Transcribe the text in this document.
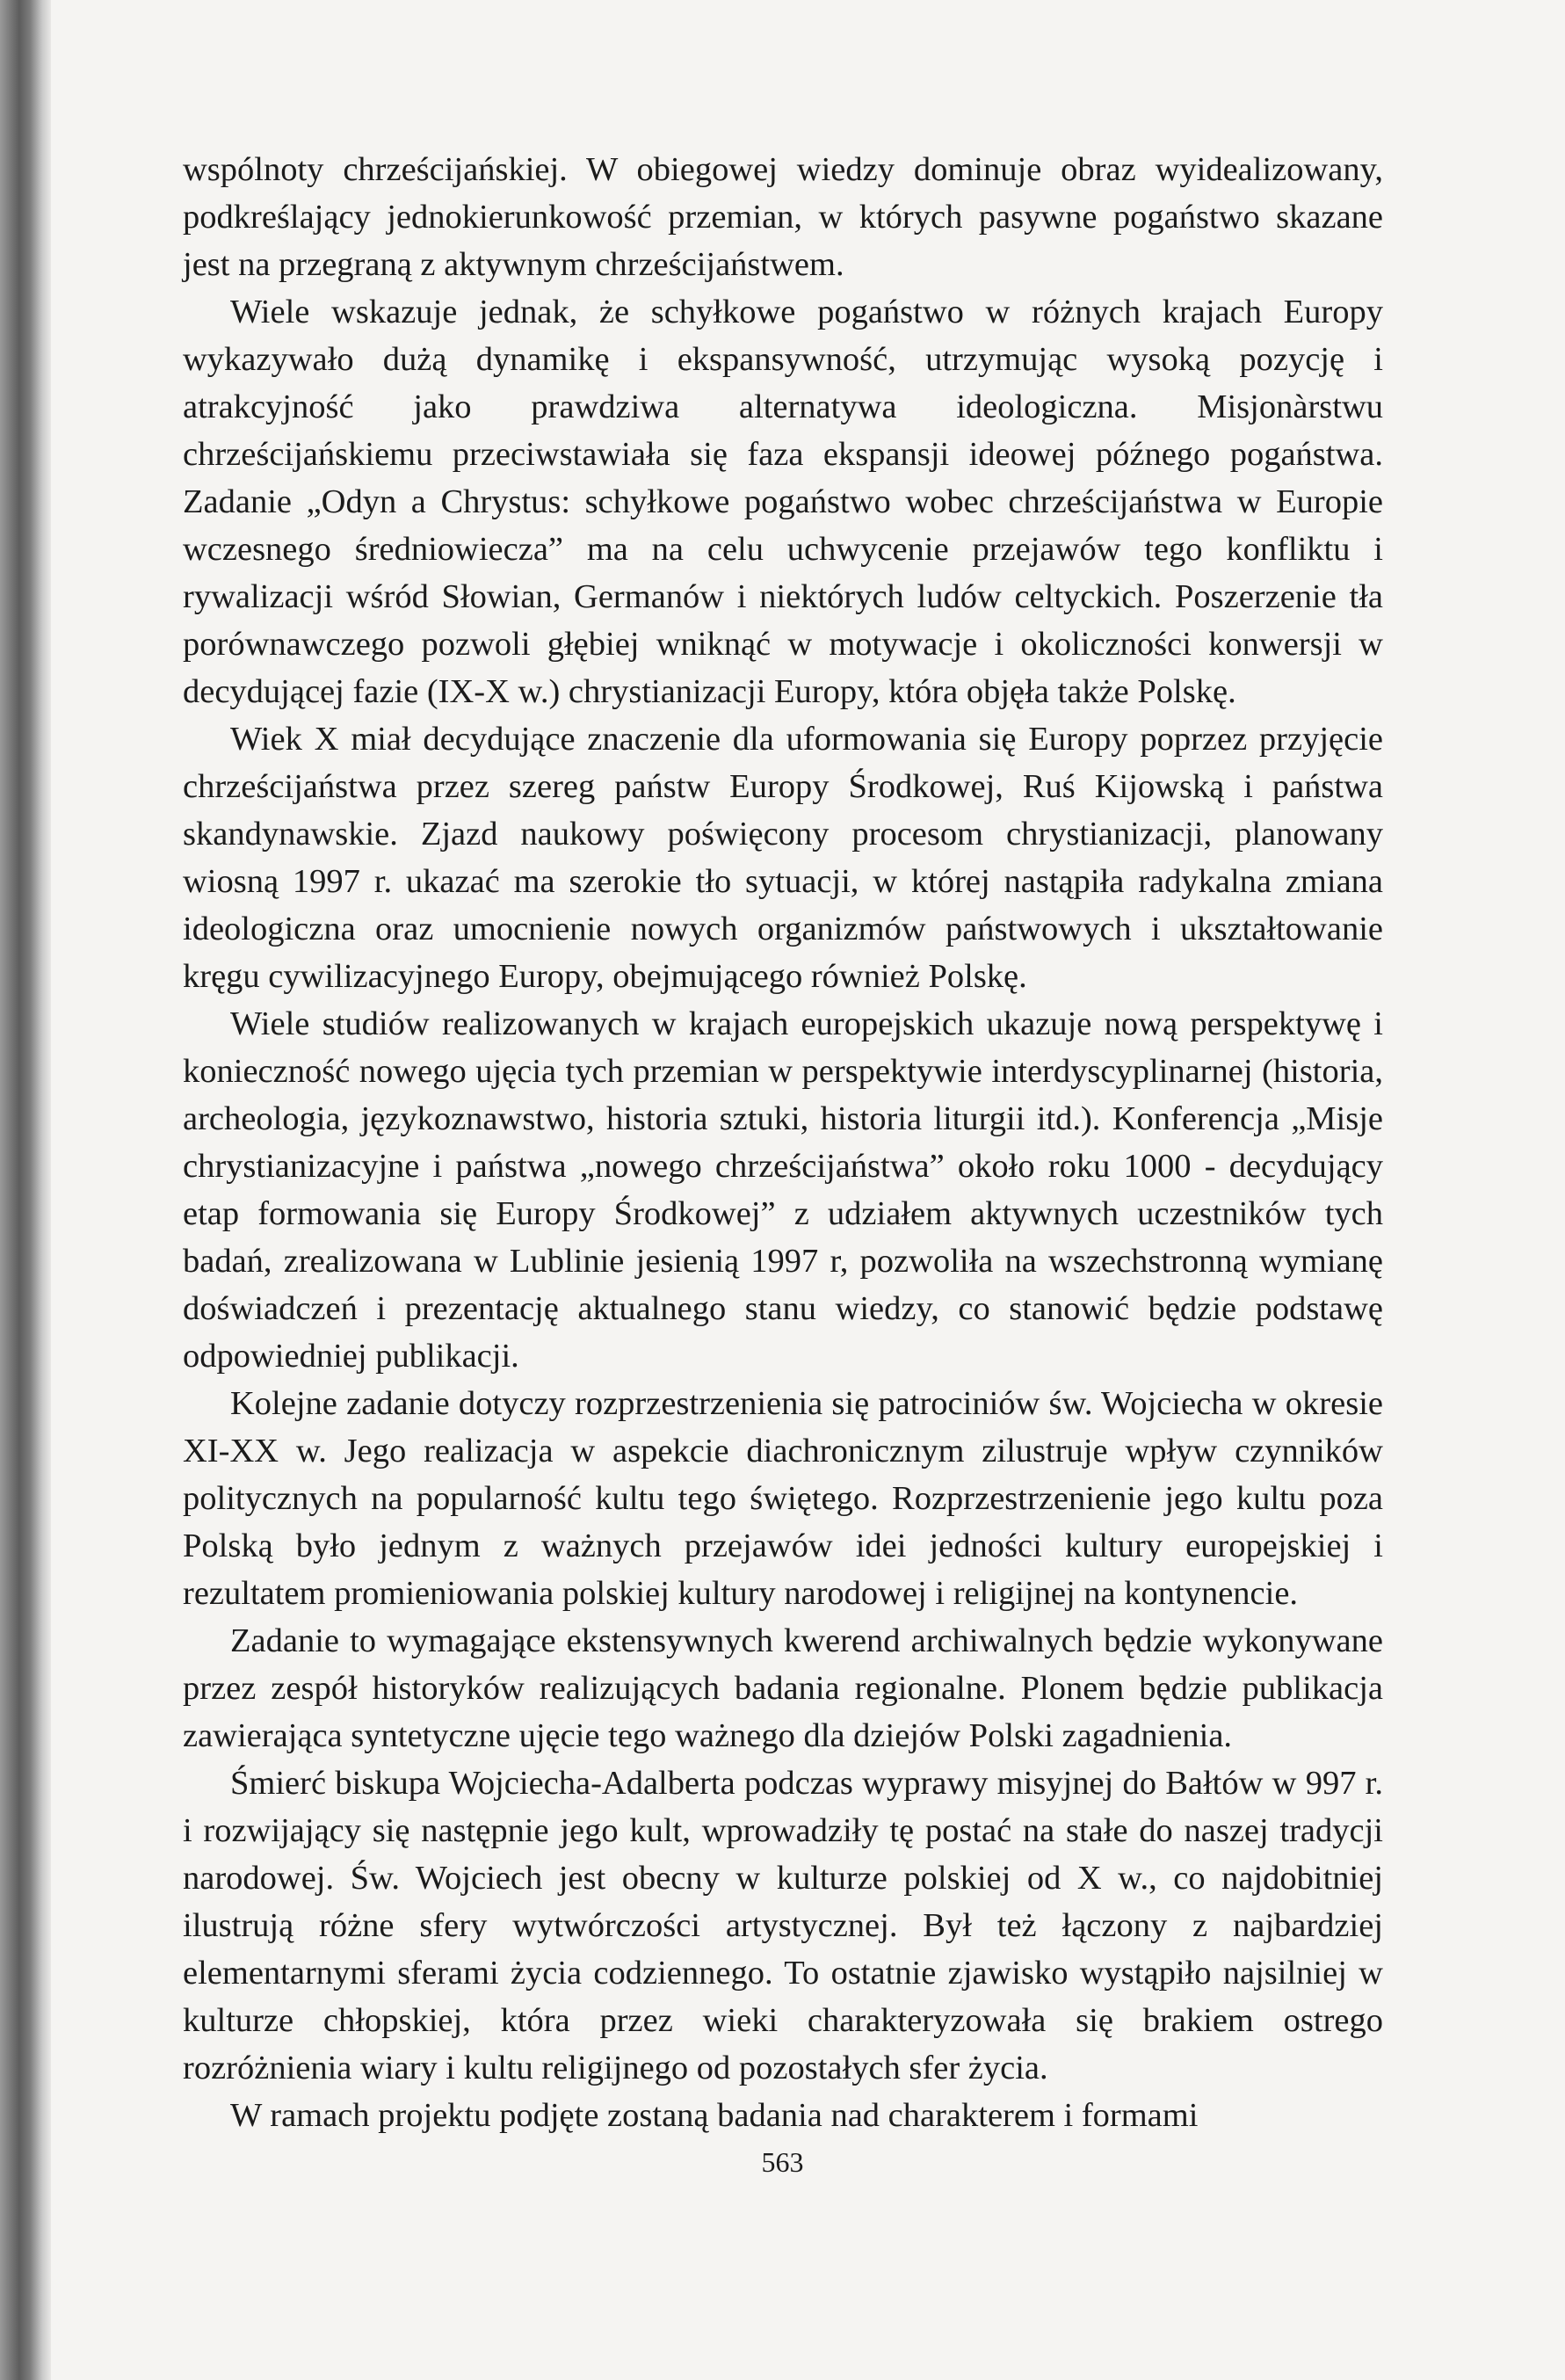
wspólnoty chrześcijańskiej. W obiegowej wiedzy dominuje obraz wyidealizowany, podkreślający jednokierunkowość przemian, w których pasywne pogaństwo skazane jest na przegraną z aktywnym chrześcijaństwem.

Wiele wskazuje jednak, że schyłkowe pogaństwo w różnych krajach Europy wykazywało dużą dynamikę i ekspansywność, utrzymując wysoką pozycję i atrakcyjność jako prawdziwa alternatywa ideologiczna. Misjonàrstwu chrześcijańskiemu przeciwstawiała się faza ekspansji ideowej późnego pogaństwa. Zadanie „Odyn a Chrystus: schyłkowe pogaństwo wobec chrześcijaństwa w Europie wczesnego średniowiecza” ma na celu uchwycenie przejawów tego konfliktu i rywalizacji wśród Słowian, Germanów i niektórych ludów celtyckich. Poszerzenie tła porównawczego pozwoli głębiej wniknąć w motywacje i okoliczności konwersji w decydującej fazie (IX-X w.) chrystianizacji Europy, która objęła także Polskę.

Wiek X miał decydujące znaczenie dla uformowania się Europy poprzez przyjęcie chrześcijaństwa przez szereg państw Europy Środkowej, Ruś Kijowską i państwa skandynawskie. Zjazd naukowy poświęcony procesom chrystianizacji, planowany wiosną 1997 r. ukazać ma szerokie tło sytuacji, w której nastąpiła radykalna zmiana ideologiczna oraz umocnienie nowych organizmów państwowych i ukształtowanie kręgu cywilizacyjnego Europy, obejmującego również Polskę.

Wiele studiów realizowanych w krajach europejskich ukazuje nową perspektywę i konieczność nowego ujęcia tych przemian w perspektywie interdyscyplinarnej (historia, archeologia, językoznawstwo, historia sztuki, historia liturgii itd.). Konferencja „Misje chrystianizacyjne i państwa „nowego chrześcijaństwa” około roku 1000 - decydujący etap formowania się Europy Środkowej” z udziałem aktywnych uczestników tych badań, zrealizowana w Lublinie jesienią 1997 r, pozwoliła na wszechstronną wymianę doświadczeń i prezentację aktualnego stanu wiedzy, co stanowić będzie podstawę odpowiedniej publikacji.

Kolejne zadanie dotyczy rozprzestrzenienia się patrociniów św. Wojciecha w okresie XI-XX w. Jego realizacja w aspekcie diachronicznym zilustruje wpływ czynników politycznych na popularność kultu tego świętego. Rozprzestrzenienie jego kultu poza Polską było jednym z ważnych przejawów idei jedności kultury europejskiej i rezultatem promieniowania polskiej kultury narodowej i religijnej na kontynencie.

Zadanie to wymagające ekstensywnych kwerend archiwalnych będzie wykonywane przez zespół historyków realizujących badania regionalne. Plonem będzie publikacja zawierająca syntetyczne ujęcie tego ważnego dla dziejów Polski zagadnienia.

Śmierć biskupa Wojciecha-Adalberta podczas wyprawy misyjnej do Bałtów w 997 r. i rozwijający się następnie jego kult, wprowadziły tę postać na stałe do naszej tradycji narodowej. Św. Wojciech jest obecny w kulturze polskiej od X w., co najdobitniej ilustrują różne sfery wytwórczości artystycznej. Był też łączony z najbardziej elementarnymi sferami życia codziennego. To ostatnie zjawisko wystąpiło najsilniej w kulturze chłopskiej, która przez wieki charakteryzowała się brakiem ostrego rozróżnienia wiary i kultu religijnego od pozostałych sfer życia.

W ramach projektu podjęte zostaną badania nad charakterem i formami

563
